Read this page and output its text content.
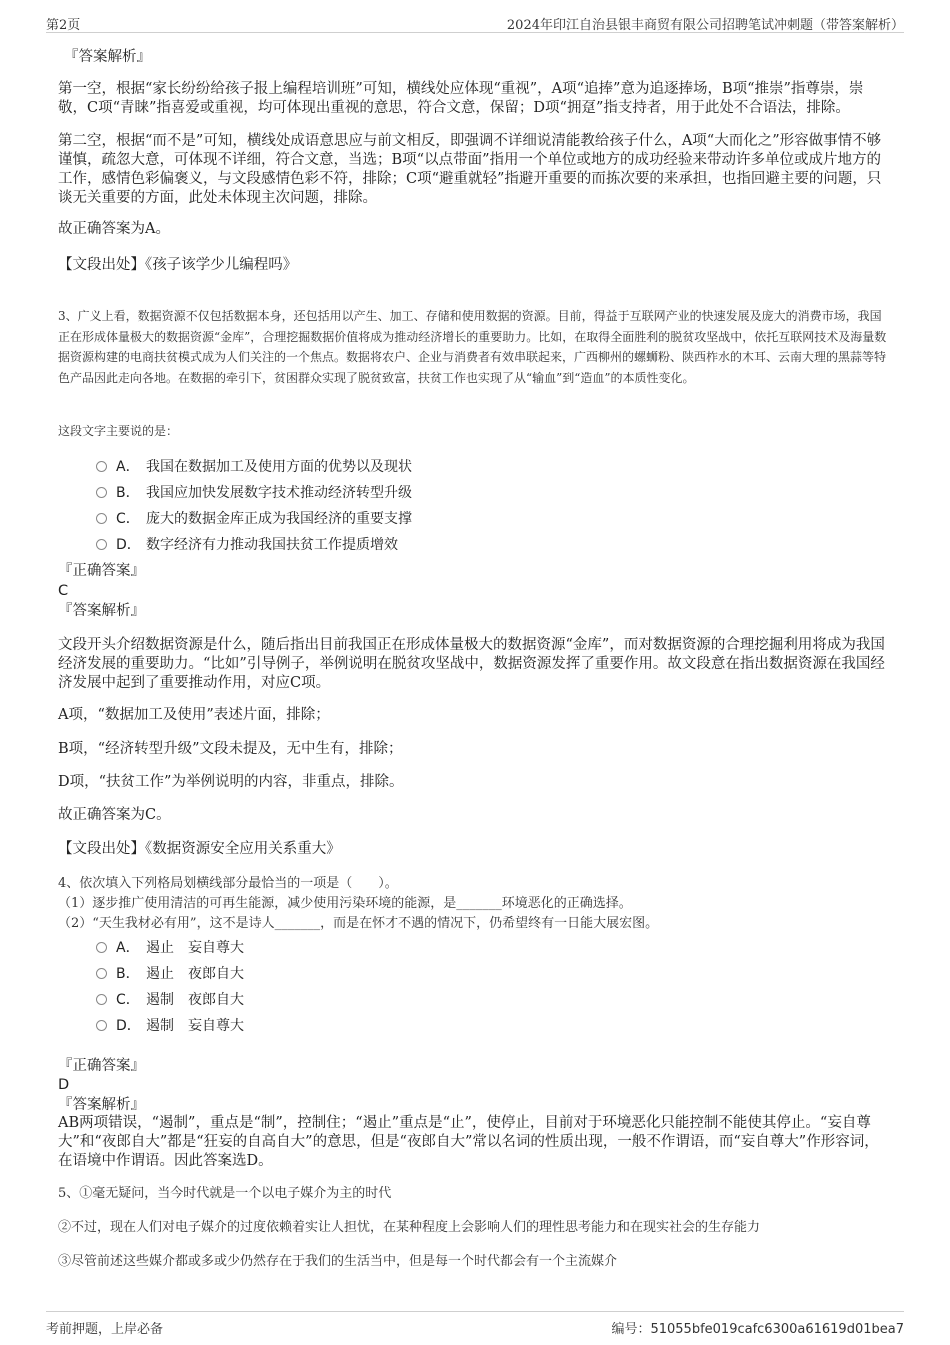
第2页	2024年印江自治县银丰商贸有限公司招聘笔试冲刺题（带答案解析）
『答案解析』
第一空，根据“家长纷纷给孩子报上编程培训班”可知，横线处应体现“重视”，A项“追捧”意为追逐捧场，B项“推崇”指尊崇，崇敬，C项“青睐”指喜爱或重视，均可体现出重视的意思，符合文意，保留；D项“拥趸”指支持者，用于此处不合语法，排除。
第二空，根据“而不是”可知，横线处成语意思应与前文相反，即强调不详细说清能教给孩子什么，A项“大而化之”形容做事情不够谨慎，疏忽大意，可体现不详细，符合文意，当选；B项“以点带面”指用一个单位或地方的成功经验来带动许多单位或成片地方的工作，感情色彩偏褒义，与文段感情色彩不符，排除；C项“避重就轻”指避开重要的而拣次要的来承担，也指回避主要的问题，只谈无关重要的方面，此处未体现主次问题，排除。
故正确答案为A。
【文段出处】《孩子该学少儿编程吗》
3、广义上看，数据资源不仅包括数据本身，还包括用以产生、加工、存储和使用数据的资源。目前，得益于互联网产业的快速发展及庞大的消费市场，我国正在形成体量极大的数据资源“金库”，合理挖掘数据价值将成为推动经济增长的重要助力。比如，在取得全面胜利的脱贫攻坚战中，依托互联网技术及海量数据资源构建的电商扶贫模式成为人们关注的一个焦点。数据将农户、企业与消费者有效串联起来，广西柳州的螺蛳粉、陕西柞水的木耳、云南大理的黑蒜等特色产品因此走向各地。在数据的牵引下，贫困群众实现了脱贫致富，扶贫工作也实现了从“输血”到“造血”的本质性变化。
这段文字主要说的是：
A． 我国在数据加工及使用方面的优势以及现状
B． 我国应加快发展数字技术推动经济转型升级
C． 庞大的数据金库正成为我国经济的重要支撑
D． 数字经济有力推动我国扶贫工作提质增效
『正确答案』
C
『答案解析』
文段开头介绍数据资源是什么，随后指出目前我国正在形成体量极大的数据资源“金库”，而对数据资源的合理挖掘利用将成为我国经济发展的重要助力。“比如”引导例子，举例说明在脱贫攻坚战中，数据资源发挥了重要作用。故文段意在指出数据资源在我国经济发展中起到了重要推动作用，对应C项。
A项，“数据加工及使用”表述片面，排除；
B项，“经济转型升级”文段未提及，无中生有，排除；
D项，“扶贫工作”为举例说明的内容，非重点，排除。
故正确答案为C。
【文段出处】《数据资源安全应用关系重大》
4、依次填入下列格局划横线部分最恰当的一项是（　　）。
（1）逐步推广使用清洁的可再生能源，减少使用污染环境的能源，是_______环境恶化的正确选择。
（2）“天生我材必有用”，这不是诗人_______，而是在怀才不遇的情况下，仍希望终有一日能大展宏图。
A． 遏止　妄自尊大
B． 遏止　夜郎自大
C． 遏制　夜郎自大
D． 遏制　妄自尊大
『正确答案』
D
『答案解析』
AB两项错误，“遏制”，重点是“制”，控制住；“遏止”重点是“止”，使停止，目前对于环境恶化只能控制不能使其停止。“妄自尊大”和“夜郎自大”都是“狂妄的自高自大”的意思，但是“夜郎自大”常以名词的性质出现，一般不作谓语，而“妄自尊大”作形容词，在语境中作谓语。因此答案选D。
5、①毫无疑问，当今时代就是一个以电子媒介为主的时代
②不过，现在人们对电子媒介的过度依赖着实让人担忧，在某种程度上会影响人们的理性思考能力和在现实社会的生存能力
③尽管前述这些媒介都或多或少仍然存在于我们的生活当中，但是每一个时代都会有一个主流媒介
考前押题，上岸必备	编号：51055bfe019cafc6300a61619d01bea7
